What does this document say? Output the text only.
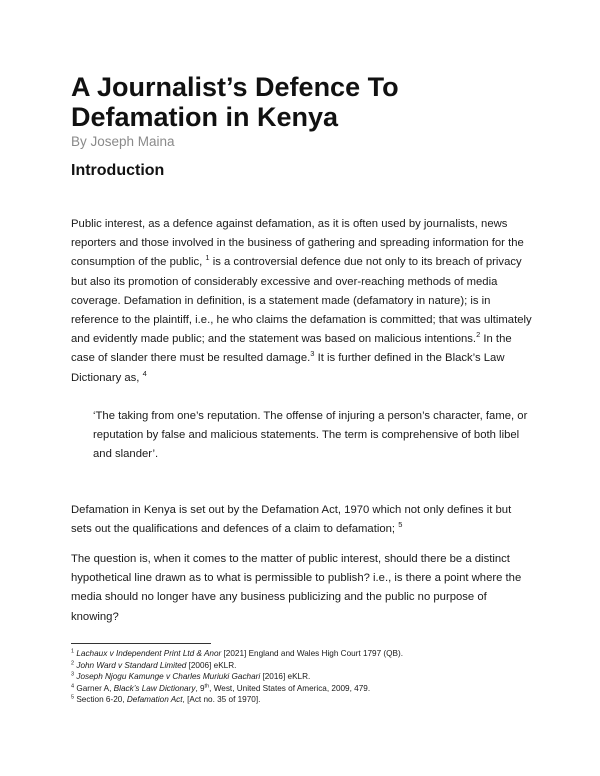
A Journalist’s Defence To Defamation in Kenya
By Joseph Maina
Introduction

Public interest, as a defence against defamation, as it is often used by journalists, news reporters and those involved in the business of gathering and spreading information for the consumption of the public, $^1$ is a controversial defence due not only to its breach of privacy but also its promotion of considerably excessive and over-reaching methods of media coverage. Defamation in definition, is a statement made (defamatory in nature); is in reference to the plaintiff, i.e., he who claims the defamation is committed; that was ultimately and evidently made public; and the statement was based on malicious intentions.$^2$ In the case of slander there must be resulted damage.$^3$ It is further defined in the Black’s Law Dictionary as, $^4$

‘The taking from one’s reputation. The offense of injuring a person’s character, fame, or reputation by false and malicious statements. The term is comprehensive of both libel and slander’.

Defamation in Kenya is set out by the Defamation Act, 1970 which not only defines it but sets out the qualifications and defences of a claim to defamation; $^5$

The question is, when it comes to the matter of public interest, should there be a distinct hypothetical line drawn as to what is permissible to publish? i.e., is there a point where the media should no longer have any business publicizing and the public no purpose of knowing?

$^1$ Lachaux v Independent Print Ltd & Anor [2021] England and Wales High Court 1797 (QB).
$^2$ John Ward v Standard Limited [2006] eKLR.
$^3$ Joseph Njogu Kamunge v Charles Muriuki Gachari [2016] eKLR.
$^4$ Garner A, Black’s Law Dictionary, 9th, West, United States of America, 2009, 479.
$^5$ Section 6-20, Defamation Act, [Act no. 35 of 1970].
